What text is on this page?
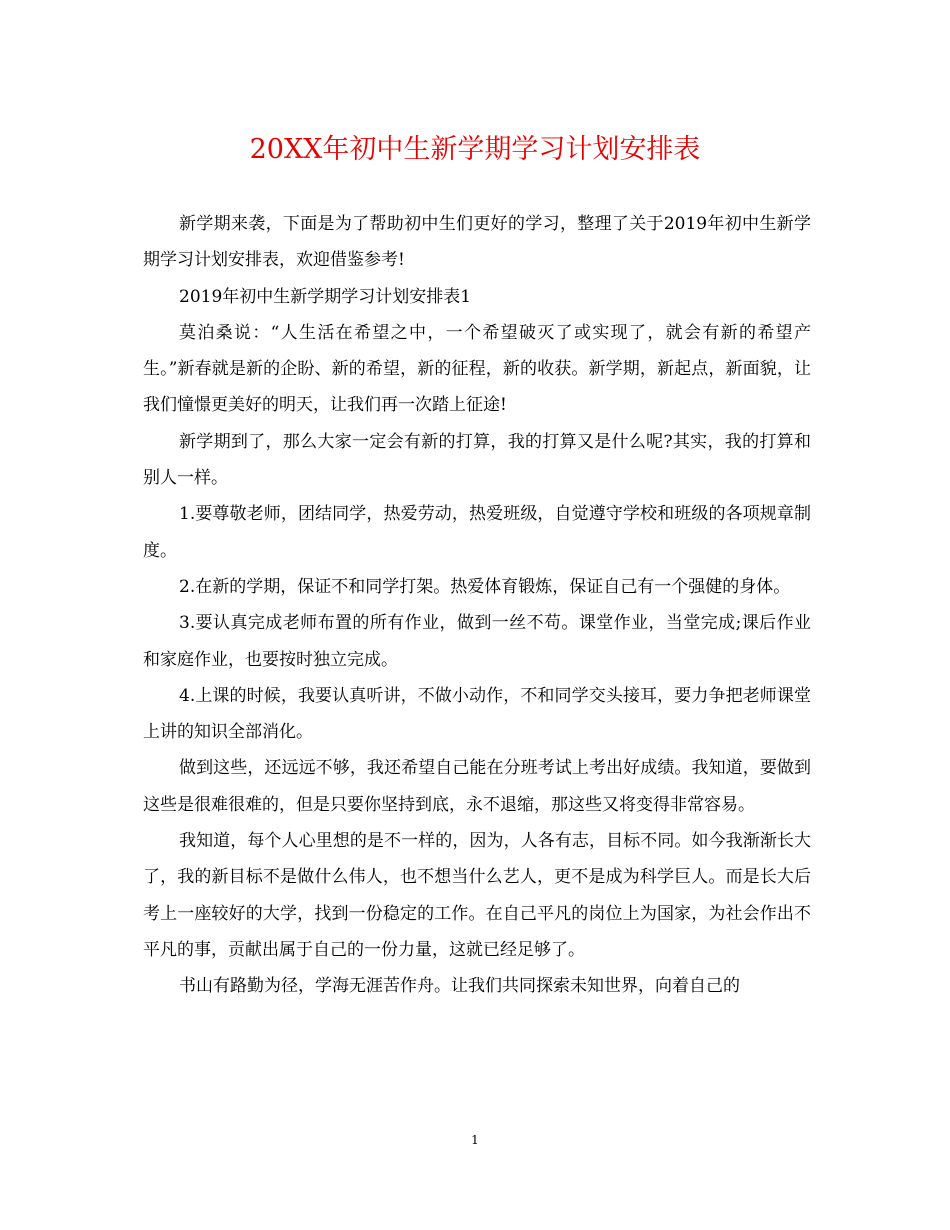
20XX年初中生新学期学习计划安排表

新学期来袭，下面是为了帮助初中生们更好的学习，整理了关于2019年初中生新学期学习计划安排表，欢迎借鉴参考!

2019年初中生新学期学习计划安排表1

莫泊桑说：“人生活在希望之中，一个希望破灭了或实现了，就会有新的希望产生。”新春就是新的企盼、新的希望，新的征程，新的收获。新学期，新起点，新面貌，让我们憧憬更美好的明天，让我们再一次踏上征途!

新学期到了，那么大家一定会有新的打算，我的打算又是什么呢?其实，我的打算和别人一样。

1.要尊敬老师，团结同学，热爱劳动，热爱班级，自觉遵守学校和班级的各项规章制度。

2.在新的学期，保证不和同学打架。热爱体育锻炼，保证自己有一个强健的身体。

3.要认真完成老师布置的所有作业，做到一丝不苟。课堂作业，当堂完成;课后作业和家庭作业，也要按时独立完成。

4.上课的时候，我要认真听讲，不做小动作，不和同学交头接耳，要力争把老师课堂上讲的知识全部消化。

做到这些，还远远不够，我还希望自己能在分班考试上考出好成绩。我知道，要做到这些是很难很难的，但是只要你坚持到底，永不退缩，那这些又将变得非常容易。

我知道，每个人心里想的是不一样的，因为，人各有志，目标不同。如今我渐渐长大了，我的新目标不是做什么伟人，也不想当什么艺人，更不是成为科学巨人。而是长大后考上一座较好的大学，找到一份稳定的工作。在自己平凡的岗位上为国家，为社会作出不平凡的事，贡献出属于自己的一份力量，这就已经足够了。

书山有路勤为径，学海无涯苦作舟。让我们共同探索未知世界，向着自己的

1
